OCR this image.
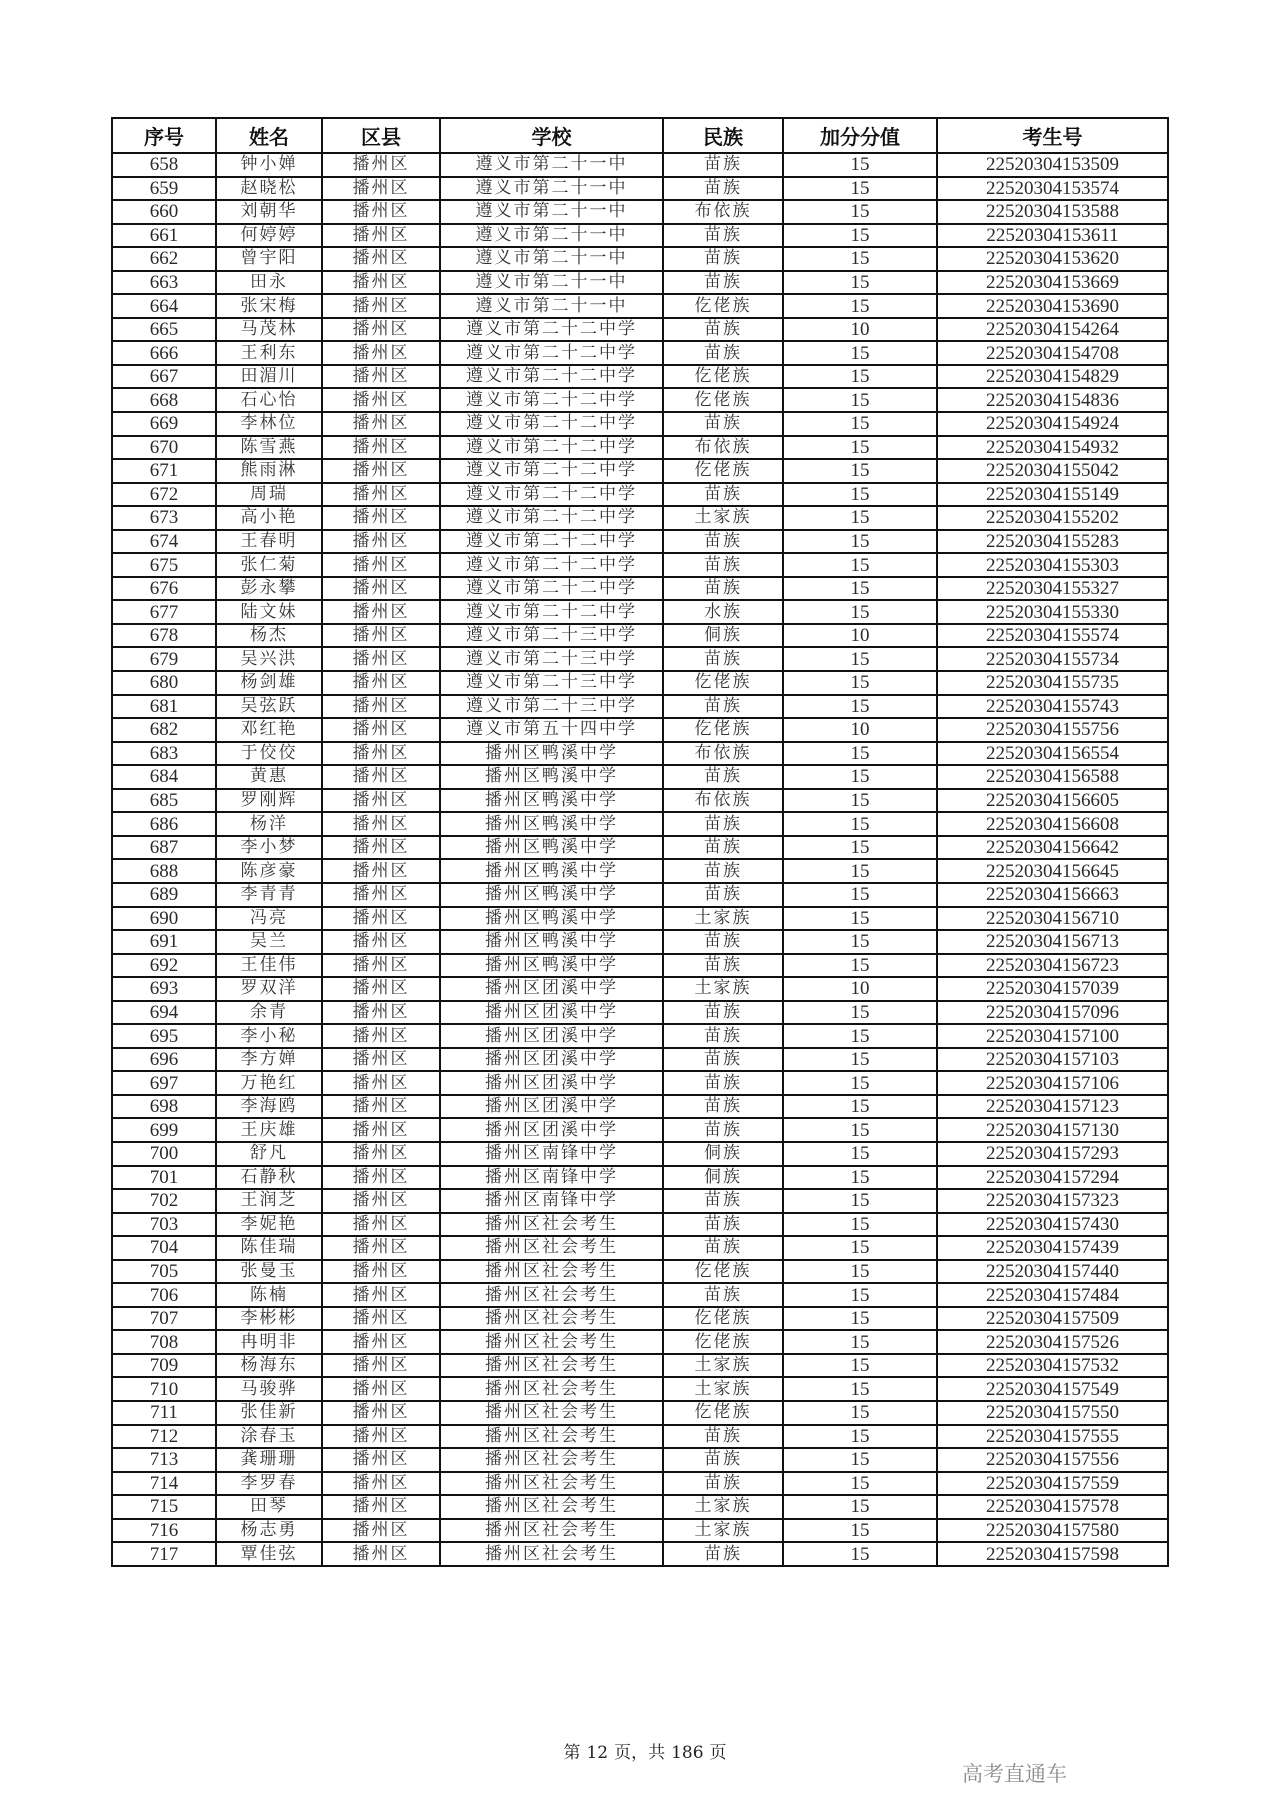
序号	姓名	区县	学校	民族	加分分值	考生号
658	钟小婵	播州区	遵义市第二十一中	苗族	15	22520304153509
659	赵晓松	播州区	遵义市第二十一中	苗族	15	22520304153574
660	刘朝华	播州区	遵义市第二十一中	布依族	15	22520304153588
661	何婷婷	播州区	遵义市第二十一中	苗族	15	22520304153611
662	曾宇阳	播州区	遵义市第二十一中	苗族	15	22520304153620
663	田永	播州区	遵义市第二十一中	苗族	15	22520304153669
664	张宋梅	播州区	遵义市第二十一中	仡佬族	15	22520304153690
665	马茂林	播州区	遵义市第二十二中学	苗族	10	22520304154264
666	王利东	播州区	遵义市第二十二中学	苗族	15	22520304154708
667	田湄川	播州区	遵义市第二十二中学	仡佬族	15	22520304154829
668	石心怡	播州区	遵义市第二十二中学	仡佬族	15	22520304154836
669	李林位	播州区	遵义市第二十二中学	苗族	15	22520304154924
670	陈雪燕	播州区	遵义市第二十二中学	布依族	15	22520304154932
671	熊雨淋	播州区	遵义市第二十二中学	仡佬族	15	22520304155042
672	周瑞	播州区	遵义市第二十二中学	苗族	15	22520304155149
673	高小艳	播州区	遵义市第二十二中学	土家族	15	22520304155202
674	王春明	播州区	遵义市第二十二中学	苗族	15	22520304155283
675	张仁菊	播州区	遵义市第二十二中学	苗族	15	22520304155303
676	彭永攀	播州区	遵义市第二十二中学	苗族	15	22520304155327
677	陆文妹	播州区	遵义市第二十二中学	水族	15	22520304155330
678	杨杰	播州区	遵义市第二十三中学	侗族	10	22520304155574
679	吴兴洪	播州区	遵义市第二十三中学	苗族	15	22520304155734
680	杨剑雄	播州区	遵义市第二十三中学	仡佬族	15	22520304155735
681	吴弦跃	播州区	遵义市第二十三中学	苗族	15	22520304155743
682	邓红艳	播州区	遵义市第五十四中学	仡佬族	10	22520304155756
683	于佼佼	播州区	播州区鸭溪中学	布依族	15	22520304156554
684	黄惠	播州区	播州区鸭溪中学	苗族	15	22520304156588
685	罗刚辉	播州区	播州区鸭溪中学	布依族	15	22520304156605
686	杨洋	播州区	播州区鸭溪中学	苗族	15	22520304156608
687	李小梦	播州区	播州区鸭溪中学	苗族	15	22520304156642
688	陈彦豪	播州区	播州区鸭溪中学	苗族	15	22520304156645
689	李青青	播州区	播州区鸭溪中学	苗族	15	22520304156663
690	冯亮	播州区	播州区鸭溪中学	土家族	15	22520304156710
691	吴兰	播州区	播州区鸭溪中学	苗族	15	22520304156713
692	王佳伟	播州区	播州区鸭溪中学	苗族	15	22520304156723
693	罗双洋	播州区	播州区团溪中学	土家族	10	22520304157039
694	余青	播州区	播州区团溪中学	苗族	15	22520304157096
695	李小秘	播州区	播州区团溪中学	苗族	15	22520304157100
696	李方婵	播州区	播州区团溪中学	苗族	15	22520304157103
697	万艳红	播州区	播州区团溪中学	苗族	15	22520304157106
698	李海鸥	播州区	播州区团溪中学	苗族	15	22520304157123
699	王庆雄	播州区	播州区团溪中学	苗族	15	22520304157130
700	舒凡	播州区	播州区南锋中学	侗族	15	22520304157293
701	石静秋	播州区	播州区南锋中学	侗族	15	22520304157294
702	王润芝	播州区	播州区南锋中学	苗族	15	22520304157323
703	李妮艳	播州区	播州区社会考生	苗族	15	22520304157430
704	陈佳瑞	播州区	播州区社会考生	苗族	15	22520304157439
705	张曼玉	播州区	播州区社会考生	仡佬族	15	22520304157440
706	陈楠	播州区	播州区社会考生	苗族	15	22520304157484
707	李彬彬	播州区	播州区社会考生	仡佬族	15	22520304157509
708	冉明非	播州区	播州区社会考生	仡佬族	15	22520304157526
709	杨海东	播州区	播州区社会考生	土家族	15	22520304157532
710	马骏骅	播州区	播州区社会考生	土家族	15	22520304157549
711	张佳新	播州区	播州区社会考生	仡佬族	15	22520304157550
712	涂春玉	播州区	播州区社会考生	苗族	15	22520304157555
713	龚珊珊	播州区	播州区社会考生	苗族	15	22520304157556
714	李罗春	播州区	播州区社会考生	苗族	15	22520304157559
715	田琴	播州区	播州区社会考生	土家族	15	22520304157578
716	杨志勇	播州区	播州区社会考生	土家族	15	22520304157580
717	覃佳弦	播州区	播州区社会考生	苗族	15	22520304157598
第 12 页，共 186 页
高考直通车
